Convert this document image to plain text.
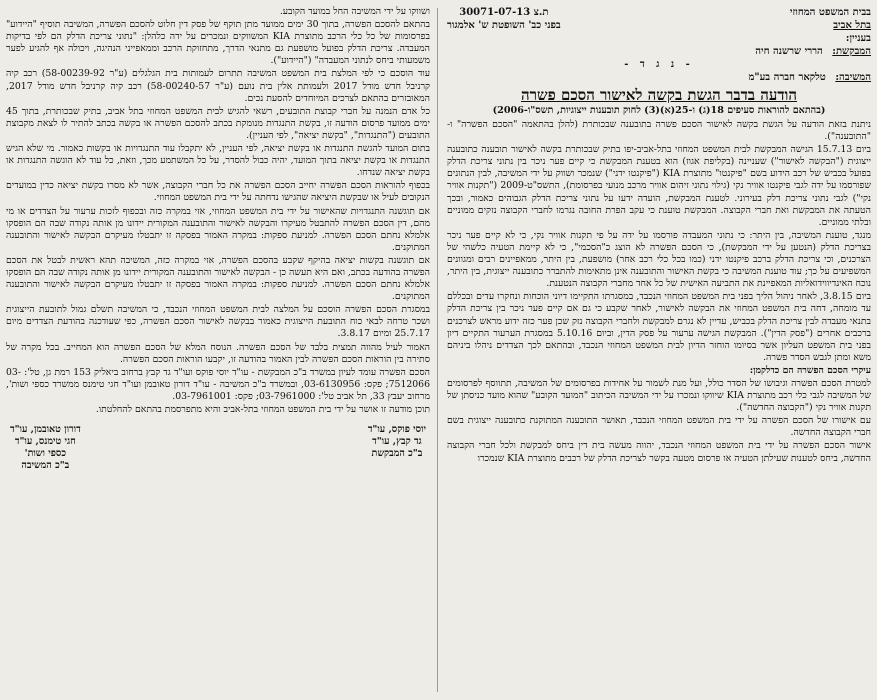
בבית המשפט המחוזי
בתל אביב
ת.צ 30071-07-13
בפני כב' השופטת ש' אלמגור
בעניין:
המבקשת: הררי שרשנה חיה
- נ ג ד -
המשיבה: טלקאר חברה בע"מ
הודעה בדבר הגשת בקשה לאישור הסכם פשרה
(בהתאם להוראות סעיפים 18(ג) ו-25(א)(3) לחוק תובענות ייצוגיות, תשס"ו-2006)

ניתנת בזאת הודעה על הגשת בקשה לאישור הסכם פשרה בתובענה שבכותרת (להלן בהתאמה "הסכם הפשרה" ו- "התובענה").

ביום 15.7.13 הגישה המבקשת לבית המשפט המחוזי בתל-אביב-יפו בתיק שבכותרת בקשה לאישור תובענה כתובענה ייצוגית ("הבקשה לאישור") שעניינה (בקליפת אגוז) הוא בטענת המבקשת כי קיים פער ניכר בין נתוני צריכת הדלק בפועל בכביש של רכב הידוע בשם "פיקנטו" מתוצרת KIA ("פיקנטו ידני") שנמכר ושווק על ידי המשיבה, לבין הנתונים שפורסמו על ידה לגבי פיקנטו אוויר נקי (גילוי נתוני זיהום אוויר מרכב מנועי בפרסומת), התשס"ט-2009 ("תקנות אוויר נקי") לגבי נתוני צריכת דלק בעירוני. לטענת המבקשת, הועדה ידעו על נתוני צריכת הדלק הגבוהים כאמור, ובכך הטעתה את המבקשת ואת חברי הקבוצה. המבקשת טוענת כי עקב הפרת החובה נגרמו לחברי הקבוצה נזקים ממוניים ובלתי ממוניים.

מנגד, טוענת המשיבה, בין היתר: כי נתוני המעבדה פורסמו על ידה על פי תקנות אוויר נקי, כי לא קיים פער ניכר בצריכת הדלק (הנטען על ידי המבקשת), כי הסכם הפשרה לא הוצג כ"הסכמי", כי לא קיימת הטעיה כלשהי של הצרכנים, וכי צריכת הדלק ברכב פיקנטו ידני (כמו בכל כלי רכב אחר) מושפעת, בין היתר, ממאפיינים רבים ומגוונים המשפיעים על כך; עוד טוענת המשיבה כי בקשת האישור והתובענה אינן מתאימות להתברר כתובענה ייצוגית, בין היתר, נוכח האינדיווידואליות המאפיינת את התביעה האישית של כל אחד מחברי הקבוצה הנטענת.

ביום 3.8.15, לאחר ניהול הליך בפני בית המשפט המחוזי הנכבד, במסגרתו התקיימו דיוני הוכחות ונחקרו עדים ובכללם עד מומחה, דחה בית המשפט המחוזי את הבקשה לאישור, לאחר שקבע כי גם אם קיים פער ניכר בין צריכת הדלק בתנאי מעבדה לבין צריכת הדלק בכביש, עדיין לא נגרם למבקשת ולחברי הקבוצה נזק שכן פער כזה ידוע מראש לצרכנים ברכבים אחרים ("פסק הדין"). המבקשת הגישה ערעור על פסק הדין, וביום 5.10.16 במסגרת הערעור התקיים דיון בפני בית המשפט העליון אשר בסיומו הוחזר הדיון לבית המשפט המחוזי הנכבד, ובהתאם לכך הצדדים ניהלו ביניהם משא ומתן לגבש הסדר פשרה.

עיקרי הסכם הפשרה הם כדלקמן:

למטרת הסכם הפשרה וגיבושו של הסדר כולל, ועל מנת לשמור על אחידות בפרסומים של המשיבה, תתווסף לפרסומים של המשיבה לגבי כלי רכב מתוצרת KIA שיווקו ונמכרו על ידי המשיבה הכיתוב "המועד הקובע" שהוא מועד כניסתן של תקנות אוויר נקי ("הקבוצה החדשה").

עם אישורו של הסכם הפשרה על ידי בית המשפט המחוזי הנכבד, תאושר התובענה המתוקנת כתובענה ייצוגית בשם חברי הקבוצה החדשה.

אישור הסכם הפשרה על ידי בית המשפט המחוזי הנכבד, יהווה מעשה בית דין ביחס למבקשת ולכל חברי הקבוצה החדשה, ביחס לטענות שעילתן הטעיה או פרסום מטעה בקשר לצריכת הדלק של רכבים מתוצרת KIA שנמכרו

ושווקו על ידי המשיבה החל במועד הקובע.

בהתאם להסכם הפשרה, בתוך 30 ימים ממועד מתן תוקף של פסק דין חלוט להסכם הפשרה, המשיבה תוסיף "היידוע" בפרסומות של כל כלי הרכב מתוצרת KIA המשווקים ונמכרים על ידה כלהלן: "נתוני צריכת הדלק הם לפי בדיקות המעבדה. צריכת הדלק בפועל מושפעת גם מתנאי הדרך, מתחזוקת הרכב וממאפייני הנהיגה, ויכולה אף להגיע לפער משמעותי ביחס לנתוני המעבדה" ("היידוע").

עוד הוסכם כי לפי המלצת בית המשפט המשיבה תתרום לעמותות בית הגלגלים (ע"ר 58-00239-92) רכב קיה קרניבל חדש מודל 2017 ולעמותת אלין בית נועם (ע"ר 58-00240-57) רכב קיה קרניבל חדש מודל 2017, המאובזרים בהתאם לצרכים המיוחדים להסעת נכים.

כל אדם הנמנה על חברי קבוצת התובעים, רשאי להגיש לבית המשפט המחוזי בתל אביב, בתיק שבכותרת, בתוך 45 ימים ממועד פרסום הודעה זו, בקשת התנגדות מנומקת בכתב להסכם הפשרה או בקשה בכתב להתיר לו לצאת מקבוצת התובעים ("התנגדות", "בקשת יציאה", לפי העניין).

בתום המועד להגשת התנגדות או בקשת יציאה, לפי העניין, לא יתקבלו עוד התנגדויות או בקשות כאמור. מי שלא הגיש התנגדות או בקשת יציאה בתוך המועד, יהיה כבול להסדר, על כל המשתמע מכך, וזאת, כל עוד לא הוגשה התנגדות או בקשת יציאה שנדחו.

בכפוף להוראות הסכם הפשרה יחייב הסכם הפשרה את כל חברי הקבוצה, אשר לא מסרו בקשת יציאה כדין במועדים הנקובים לעיל או שבקשת היציאה שהגישו נדחתה על ידי בית המשפט המחוזי.

אם תוגשנה התנגדויות שהאישור על ידי בית המשפט המחוזי, אזי במקרה כזה ובכפוף לזכות ערעור על הצדדים או מי מהם, דין הסכם הפשרה להתבטל מעיקרו והבקשה לאישור והתובענה המקורית יידונו מן אותה נקודה שבה הם הופסקו אלמלא נחתם הסכם הפשרה. למניעת ספקות: במקרה האמור בפסקה זו יתבטלו מעיקרם הבקשה לאישור והתובענה המתוקנים.

אם תוגשנה בקשות יציאה בהיקף שקבע בהסכם הפשרה, אזי במקרה כזה, המשיבה תהא ראשית לבטל את הסכם הפשרה בהודעה בכתב, ואם היא תעשה כן - הבקשה לאישור והתובענה המקורית יידונו מן אותה נקודה שבה הם הופסקו אלמלא נחתם הסכם הפשרה. למניעת ספקות: במקרה האמור בפסקה זו יתבטלו מעיקרם הבקשה לאישור והתובענה המתוקנים.

במסגרת הסכם הפשרה הוסכם על המלצה לבית המשפט המחוזי הנכבד, כי המשיבה תשלם גמול לתובעת הייצוגית ושכר טרחה לבאי כוח התובעת הייצוגית כאמור בבקשה לאישור הסכם הפשרה, כפי שעודכנה בהודעת הצדדים מיום 25.7.17 ומיום 3.8.17.

האמור לעיל מהווה תמצית בלבד של הסכם הפשרה. הנוסח המלא של הסכם הפשרה הוא המחייב. בכל מקרה של סתירה בין הוראות הסכם הפשרה לבין האמור בהודעה זו, יקבעו הוראות הסכם הפשרה.

הסכם הפשרה עומד לעיון במשרד ב"כ המבקשת - עו"ד יוסי פוקס ועו"ד גד קבץ ברחוב ביאליק 153 רמת גן, טל': 03-7512066; פקס: 03-6130956, ובמשרד ב"כ המשיבה - עו"ד דורון טאובמן ועו"ד חגי טימנס ממשרד כספי ושות', מרחוב יעבץ 33, תל אביב טל': 03-7961000; פקס: 03-7961001.

תוכן מודעה זו אושר על ידי בית המשפט המחוזי בתל-אביב והיא מתפרסמת בהתאם להחלטתו.

יוסי פוקס, עו"ד
גד קבץ, עו"ד
ב"כ המבקשת
דורון טאובמן, עו"ד
חגי טימנס, עו"ד
כספי ושות'
ב"כ המשיבה
